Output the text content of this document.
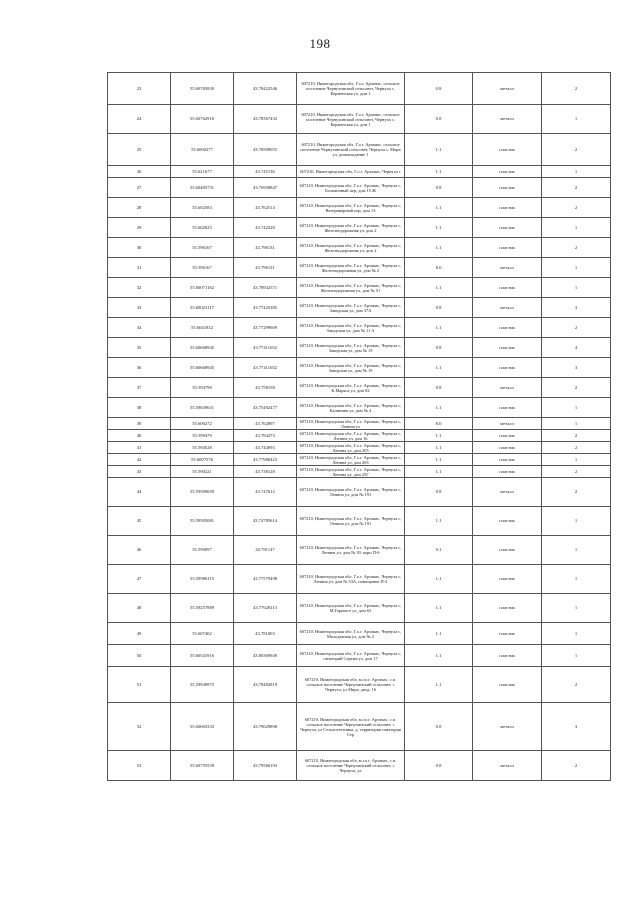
198
23	55.60765839	43.78422546	607210, Нижегородская обл, Г.о.г. Арзамас, сельское поселение Чернухинский сельсовет, Чернуха с, Керженская ул, дом 1	0.8	металл	2
24	55.60762916	43.78367433	607210, Нижегородская обл, Г.о.г. Арзамас, сельское поселение Чернухинский сельсовет, Чернуха с, Керженская ул, дом 1	0.8	металл	1
25	55.6000277	43.78509055	607210, Нижегородская обл, Г.о.г. Арзамас, сельское поселение Чернухинский сельсовет, Чернуха с, Мира ул, домовладение 1	1.1	пластик	2
26	55.621677	43.745136	607210, Нижегородская обл, Г.о.г. Арзамас, Чернуха с	1.1	пластик	1
27	55.60405731	43.76958847	607210, Нижегородская обл, Г.о.г. Арзамас, Чернуха с, Больничный пер, дом 15 Ж	0.8	пластик	2
28	55.602583	43.762514	607210, Нижегородская обл, Г.о.г. Арзамас, Чернуха с, Ветеринарный пер, дом 13	1.1	пластик	2
29	55.602025	43.742328	607210, Нижегородская обл, Г.о.г. Арзамас, Чернуха с, Железнодорожная ул, дом 2	1.1	пластик	1
30	55.596167	43.796131	607210, Нижегородская обл, Г.о.г. Арзамас, Чернуха с, Железнодорожная ул, дом 2	1.1	пластик	2
31	55.596167	43.796131	607210, Нижегородская обл, Г.о.г. Арзамас, Чернуха с, Железнодорожная ул, дом № 2	8.0	металл	1
32	55.60071182	43.78932571	607210, Нижегородская обл, Г.о.г. Арзамас, Чернуха с, Железнодорожная ул, дом № 51	1.1	пластик	1
33	55.60023117	43.77425385	607210, Нижегородская обл, Г.о.г. Арзамас, Чернуха с, Заводская ул, дом 37А	0.8	металл	3
34	55.6041832	43.77299609	607210, Нижегородская обл, Г.о.г. Арзамас, Чернуха с, Заводская ул, дом № 11 А	1.1	пластик	2
35	55.60668945	43.77411652	607210, Нижегородская обл, Г.о.г. Арзамас, Чернуха с, Заводская ул, дом № 19	0.8	пластик	4
36	55.60668945	43.77411652	607210, Нижегородская обл, Г.о.г. Арзамас, Чернуха с, Заводская ул, дом № 19	1.1	пластик	3
37	55.594799	43.758158	607210, Нижегородская обл, Г.о.г. Арзамас, Чернуха с, К.Маркса ул, дом 82	0.8	металл	2
38	55.59659631	43.75492477	607210, Нижегородская обл, Г.о.г. Арзамас, Чернуха с, Калинина ул, дом № 4	1.1	пластик	1
39	55.600272	43.762897	607210, Нижегородская обл, Г.о.г. Арзамас, Чернуха с, Ленина ул	8.0	металл	1
40	55.599479	43.784273	607210, Нижегородская обл, Г.о.г. Арзамас, Чернуха с, Ленина ул, дом 16	1.1	пластик	2
41	55.594528	43.744093	607210, Нижегородская обл, Г.о.г. Арзамас, Чернуха с, Ленина ул, дом 203	1.1	пластик	2
42	55.6007576	43.77980423	607210, Нижегородская обл, Г.о.г. Арзамас, Чернуха с, Ленина ул, дом 203	1.1	пластик	1
43	55.590221	43.738128	607210, Нижегородская обл, Г.о.г. Арзамас, Чернуха с, Ленина ул, дом 25Г	1.1	пластик	2
44	55.59509659	43.747612	607210, Нижегородская обл, Г.о.г. Арзамас, Чернуха с, Ленина ул, дом № 191	0.8	металл	2
45	55.59505081	43.74785614	607210, Нижегородская обл, Г.о.г. Арзамас, Чернуха с, Ленина ул, дом № 191	1.1	пластик	1
46	55.590097	43.781147	607210, Нижегородская обл, Г.о.г. Арзамас, Чернуха с, Ленина ул, дом № 39, корп П-6	0.1	пластик	1
47	55.59986115	43.77579498	607210, Нижегородская обл, Г.о.г. Арзамас, Чернуха с, Ленина ул, дом № 53А, помещение П-2	1.1	пластик	1
48	55.59257889	43.77628113	607210, Нижегородская обл, Г.о.г. Арзамас, Чернуха с, М.Горького ул, дом 63	1.1	пластик	1
49	55.607402	43.781003	607210, Нижегородская обл, Г.о.г. Арзамас, Чернуха с, Молодежная ул, дом № 2	1.1	пластик	1
50	55.60541916	43.80369949	607210, Нижегородская обл, Г.о.г. Арзамас, Чернуха с, санаторий Сережа ул, дом 17	1.1	пластик	1
51	55.59949875	43.78482819	607210, Нижегородская обл, м.г.о.г. Арзамас, с.п. сельское поселение Чернухинский сельсовет, с Чернуха, ул Мира, двлд. 16	1.1	пластик	2
52	55.60603333	43.79629898	607210, Нижегородская обл, м.г.о.г. Арзамас, с.п. сельское поселение Чернухинский сельсовет, с Чернуха, ул Сельхозтехника, д. территория санатория Сер	0.8	металл	3
53	55.60755539	43.79566193	607210, Нижегородская обл, м.г.о.г. Арзамас, с.п. сельское поселение Чернухинский сельсовет, с Чернуха, ул	0.8	металл	2
